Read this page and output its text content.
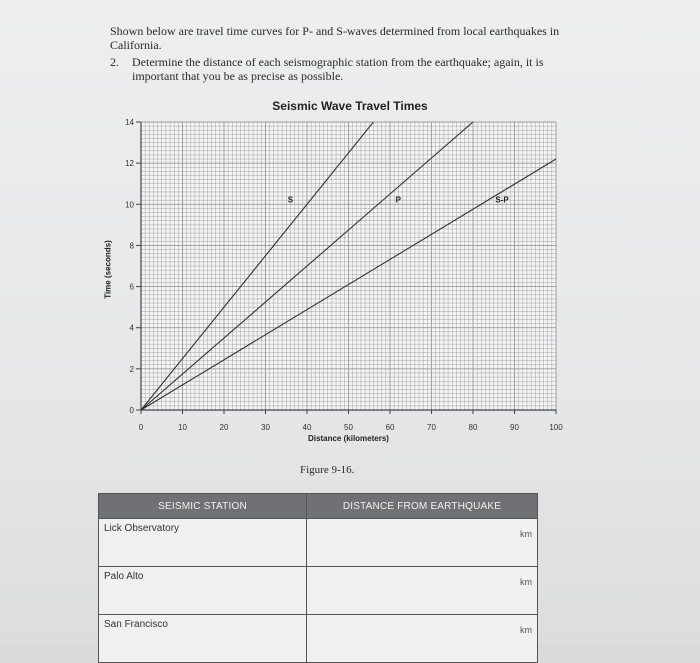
Shown below are travel time curves for P- and S-waves determined from local earthquakes in California.
2.	Determine the distance of each seismographic station from the earthquake; again, it is important that you be as precise as possible.
Seismic Wave Travel Times
Time (seconds)
0
2
4
6
8
10
12
14
0	10	20	30	40	50	60	70	80	90	100
Distance (kilometers)
S	P	S-P
Figure 9-16.
SEISMIC STATION	DISTANCE FROM EARTHQUAKE
Lick Observatory	km
Palo Alto	km
San Francisco	km
